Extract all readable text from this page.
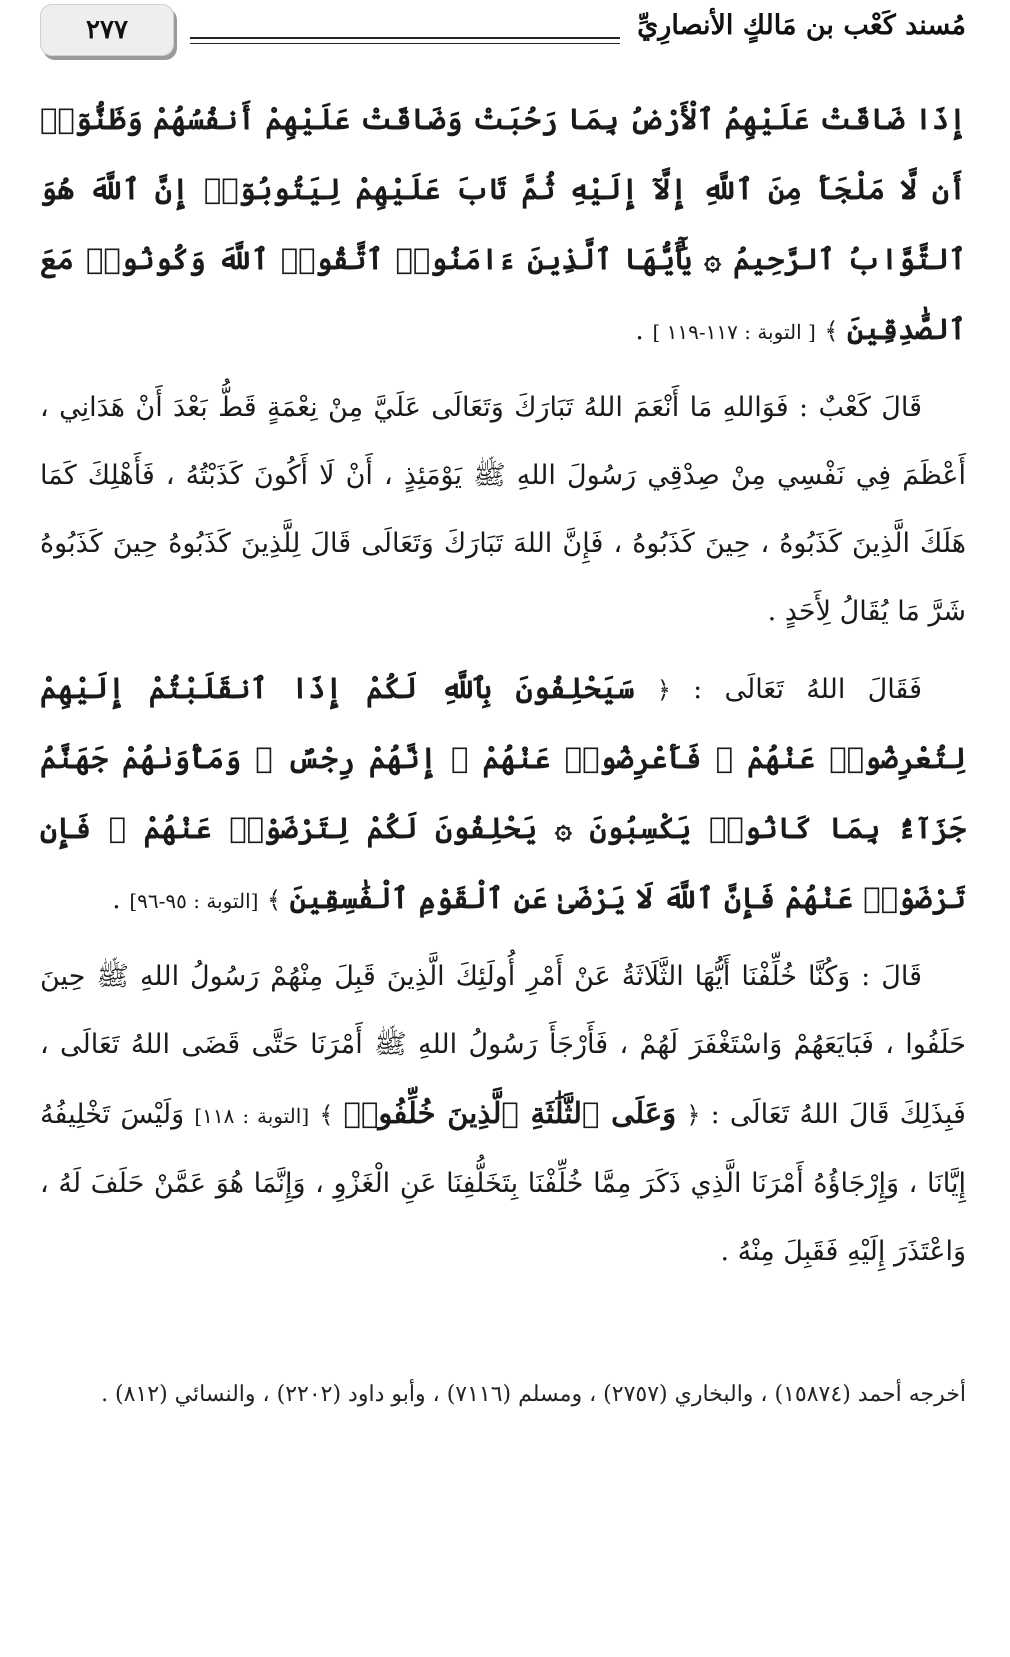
٢٧٧	مُسند كَعْب بن مَالكٍ الأنصارِيِّ

إِذَا ضَاقَتْ عَلَيْهِمُ ٱلْأَرْضُ بِمَا رَحُبَتْ وَضَاقَتْ عَلَيْهِمْ أَنفُسُهُمْ وَظَنُّوٓا۟ أَن لَّا مَلْجَأَ مِنَ ٱللَّهِ إِلَّآ إِلَيْهِ ثُمَّ تَابَ عَلَيْهِمْ لِيَتُوبُوٓا۟ إِنَّ ٱللَّهَ هُوَ ٱلتَّوَّابُ ٱلرَّحِيمُ ۞ يَٰٓأَيُّهَا ٱلَّذِينَ ءَامَنُوا۟ ٱتَّقُوا۟ ٱللَّهَ وَكُونُوا۟ مَعَ ٱلصَّٰدِقِينَ ﴾ [ التوبة : ١١٧-١١٩ ] .

قَالَ كَعْبٌ : فَوَاللهِ مَا أَنْعَمَ اللهُ تَبَارَكَ وَتَعَالَى عَلَيَّ مِنْ نِعْمَةٍ قَطُّ بَعْدَ أَنْ هَدَانِي ، أَعْظَمَ فِي نَفْسِي مِنْ صِدْقِي رَسُولَ اللهِ ﷺ يَوْمَئِذٍ ، أَنْ لَا أَكُونَ كَذَبْتُهُ ، فَأَهْلِكَ كَمَا هَلَكَ الَّذِينَ كَذَبُوهُ ، حِينَ كَذَبُوهُ ، فَإِنَّ اللهَ تَبَارَكَ وَتَعَالَى قَالَ لِلَّذِينَ كَذَبُوهُ حِينَ كَذَبُوهُ شَرَّ مَا يُقَالُ لِأَحَدٍ .

فَقَالَ اللهُ تَعَالَى : ﴿ سَيَحْلِفُونَ بِٱللَّهِ لَكُمْ إِذَا ٱنقَلَبْتُمْ إِلَيْهِمْ لِتُعْرِضُوا۟ عَنْهُمْ ۖ فَأَعْرِضُوا۟ عَنْهُمْ ۖ إِنَّهُمْ رِجْسٌ ۖ وَمَأْوَىٰهُمْ جَهَنَّمُ جَزَآءًۢ بِمَا كَانُوا۟ يَكْسِبُونَ ۞ يَحْلِفُونَ لَكُمْ لِتَرْضَوْا۟ عَنْهُمْ ۖ فَإِن تَرْضَوْا۟ عَنْهُمْ فَإِنَّ ٱللَّهَ لَا يَرْضَىٰ عَنِ ٱلْقَوْمِ ٱلْفَٰسِقِينَ ﴾ [التوبة : ٩٥-٩٦] .

قَالَ : وَكُنَّا خُلِّفْنَا أَيُّهَا الثَّلَاثَةُ عَنْ أَمْرِ أُولَئِكَ الَّذِينَ قَبِلَ مِنْهُمْ رَسُولُ اللهِ ﷺ حِينَ حَلَفُوا ، فَبَايَعَهُمْ وَاسْتَغْفَرَ لَهُمْ ، فَأَرْجَأَ رَسُولُ اللهِ ﷺ أَمْرَنَا حَتَّى قَضَى اللهُ تَعَالَى ، فَبِذَلِكَ قَالَ اللهُ تَعَالَى : ﴿ وَعَلَى ٱلثَّلَٰثَةِ ٱلَّذِينَ خُلِّفُوا۟ ﴾ [التوبة : ١١٨] وَلَيْسَ تَخْلِيفُهُ إِيَّانَا ، وَإِرْجَاؤُهُ أَمْرَنَا الَّذِي ذَكَرَ مِمَّا خُلِّفْنَا بِتَخَلُّفِنَا عَنِ الْغَزْوِ ، وَإِنَّمَا هُوَ عَمَّنْ حَلَفَ لَهُ ، وَاعْتَذَرَ إِلَيْهِ فَقَبِلَ مِنْهُ .

أخرجه أحمد (١٥٨٧٤) ، والبخاري (٢٧٥٧) ، ومسلم (٧١١٦) ، وأبو داود (٢٢٠٢) ، والنسائي (٨١٢) .
